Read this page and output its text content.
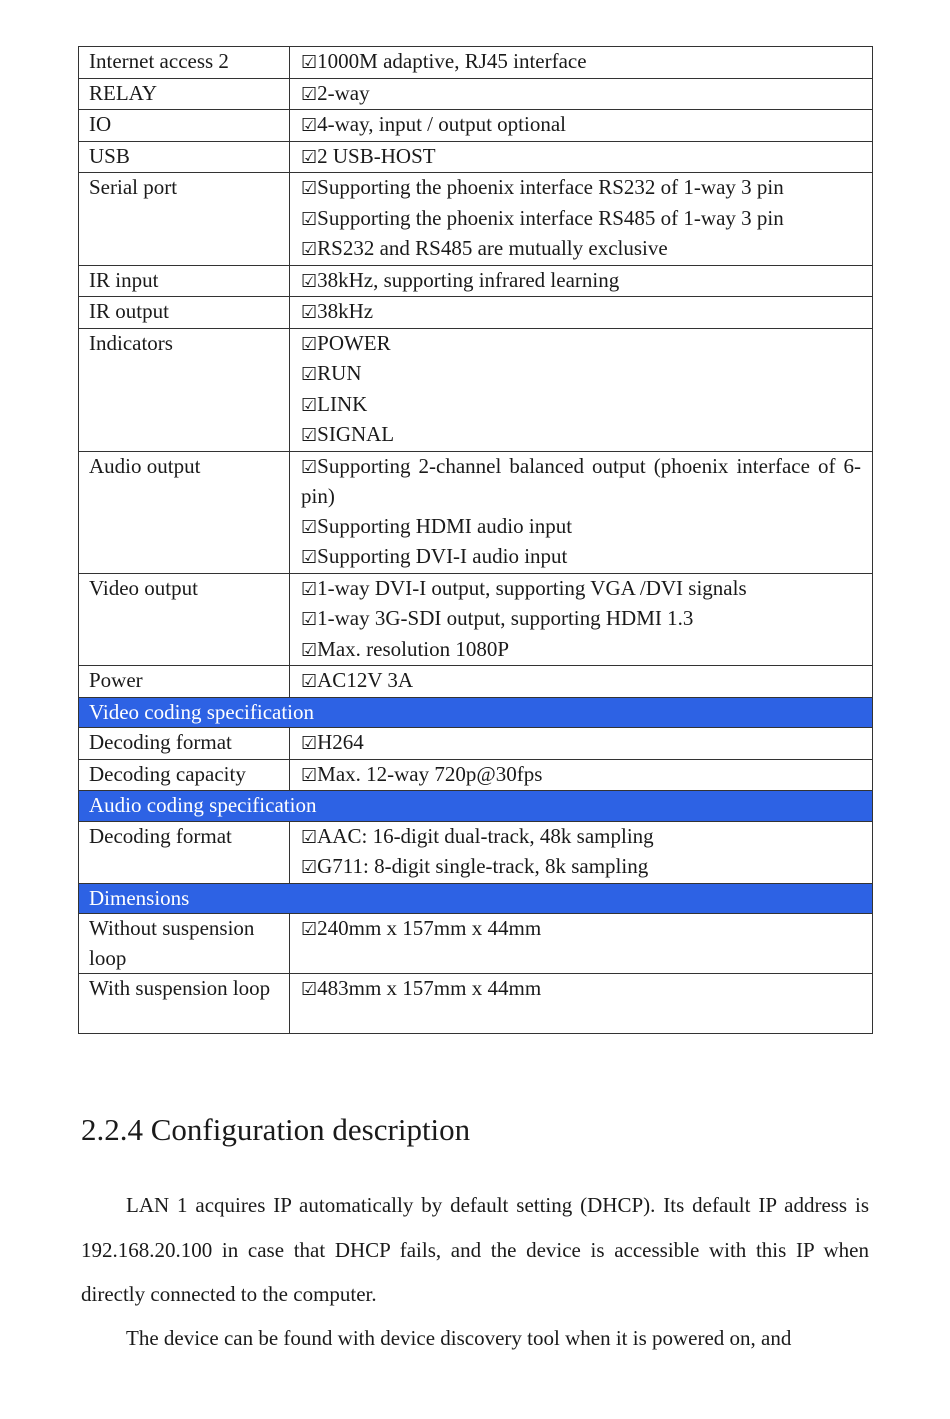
Internet access 2	☑1000M adaptive, RJ45 interface

RELAY	☑2-way

IO	☑4-way, input / output optional

USB	☑2 USB-HOST

Serial port	☑Supporting the phoenix interface RS232 of 1-way 3 pin
☑Supporting the phoenix interface RS485 of 1-way 3 pin
☑RS232 and RS485 are mutually exclusive

IR input	☑38kHz, supporting infrared learning

IR output	☑38kHz

Indicators	☑POWER
☑RUN
☑LINK
☑SIGNAL

Audio output	☑Supporting 2-channel balanced output (phoenix interface of 6-pin)
☑Supporting HDMI audio input
☑Supporting DVI-I audio input

Video output	☑1-way DVI-I output, supporting VGA /DVI signals
☑1-way 3G-SDI output, supporting HDMI 1.3
☑Max. resolution 1080P

Power	☑AC12V 3A

Video coding specification	
Decoding format	☑H264

Decoding capacity	☑Max. 12-way 720p@30fps

Audio coding specification	
Decoding format	☑AAC: 16-digit dual-track, 48k sampling
☑G711: 8-digit single-track, 8k sampling

Dimensions	
Without suspension loop	☑240mm x 157mm x 44mm

With suspension loop	☑483mm x 157mm x 44mm
2.2.4 Configuration description

LAN 1 acquires IP automatically by default setting (DHCP). Its default IP address is 192.168.20.100 in case that DHCP fails, and the device is accessible with this IP when directly connected to the computer.

The device can be found with device discovery tool when it is powered on, and
